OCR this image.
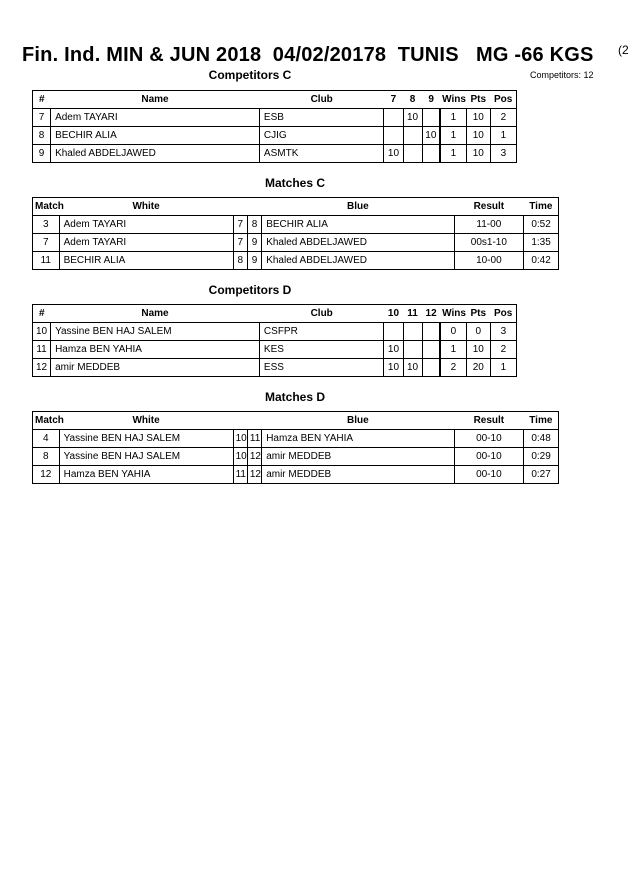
Fin. Ind. MIN & JUN 2018  04/02/20178  TUNIS   MG -66 KGS (2
Competitors: 12
Competitors C
#	Name	Club	7	8	9	Wins	Pts	Pos
7	Adem TAYARI	ESB		10		1	10	2
8	BECHIR ALIA	CJIG			10	1	10	1
9	Khaled ABDELJAWED	ASMTK	10			1	10	3
Matches C
Match	White			Blue	Result	Time
3	Adem TAYARI	7	8	BECHIR ALIA	11-00	0:52
7	Adem TAYARI	7	9	Khaled ABDELJAWED	00s1-10	1:35
11	BECHIR ALIA	8	9	Khaled ABDELJAWED	10-00	0:42
Competitors D
#	Name	Club	10	11	12	Wins	Pts	Pos
10	Yassine BEN HAJ SALEM	CSFPR				0	0	3
11	Hamza BEN YAHIA	KES	10			1	10	2
12	amir MEDDEB	ESS	10	10		2	20	1
Matches D
Match	White			Blue	Result	Time
4	Yassine BEN HAJ SALEM	10	11	Hamza BEN YAHIA	00-10	0:48
8	Yassine BEN HAJ SALEM	10	12	amir MEDDEB	00-10	0:29
12	Hamza BEN YAHIA	11	12	amir MEDDEB	00-10	0:27
